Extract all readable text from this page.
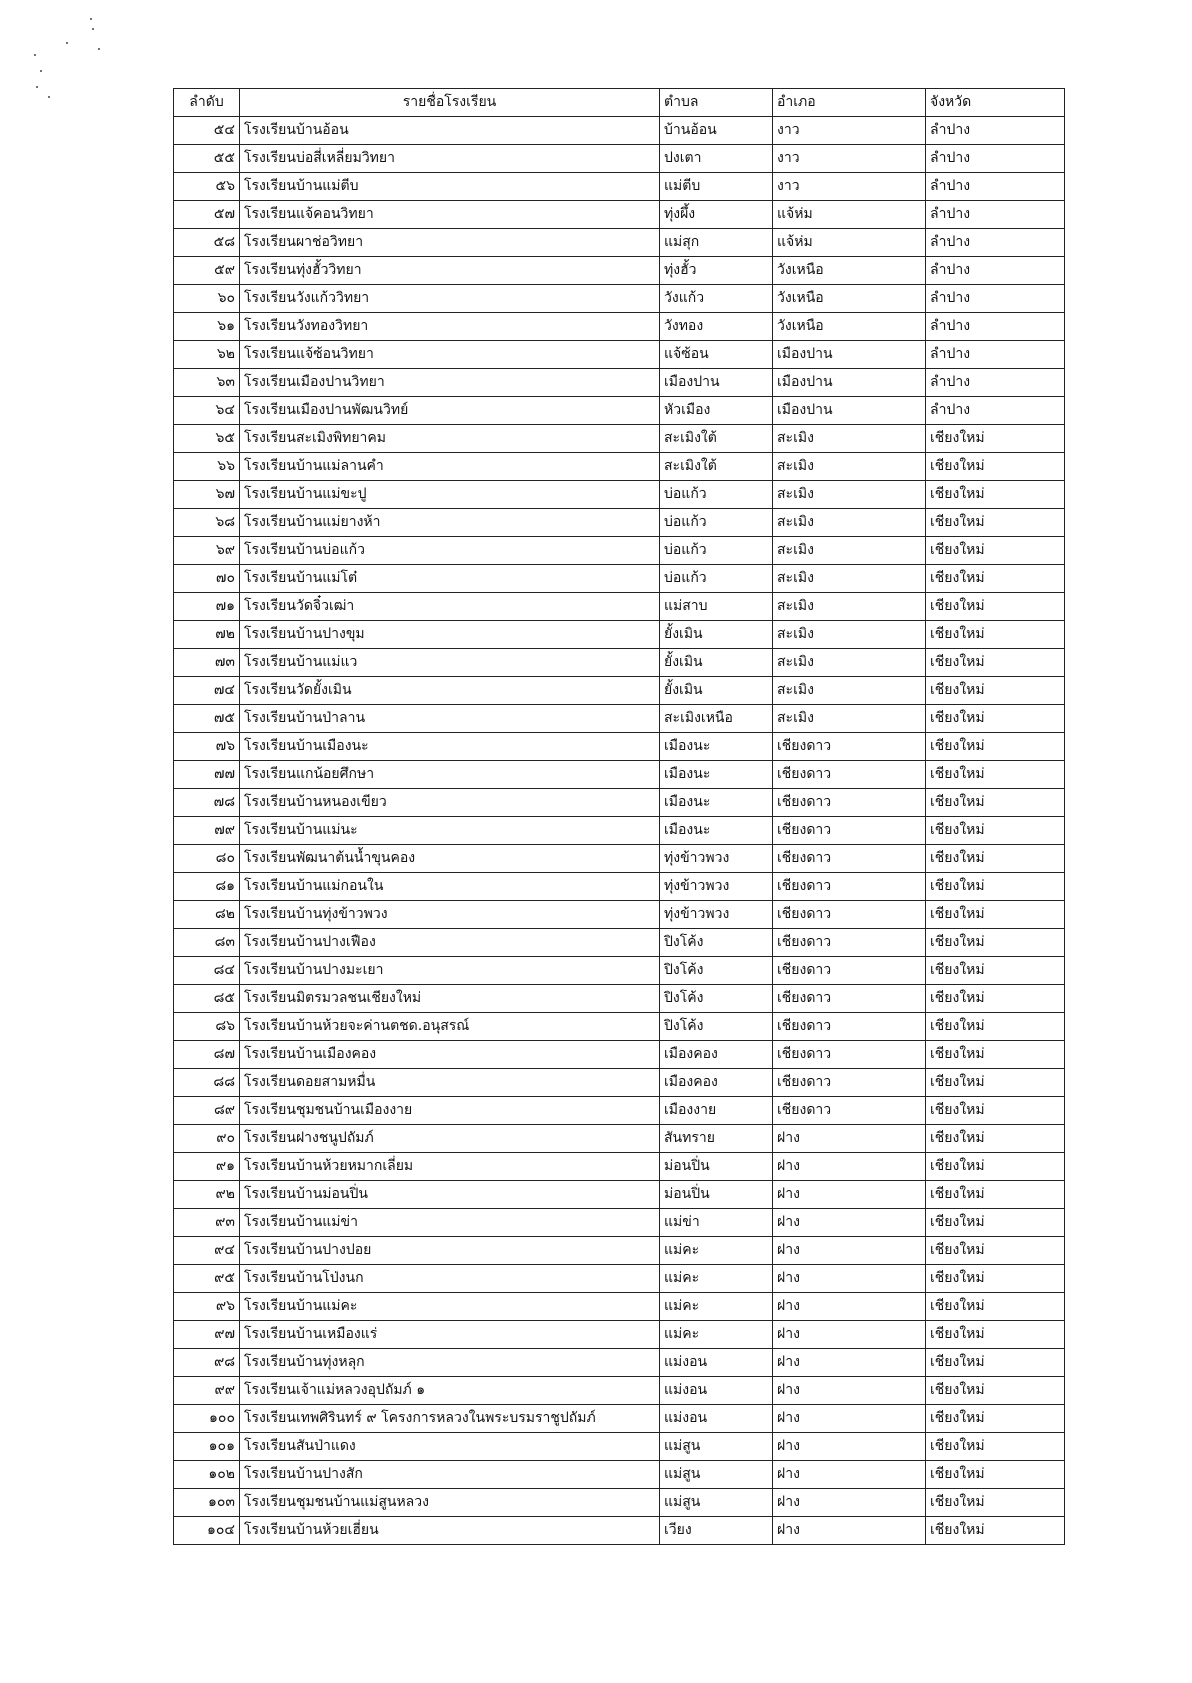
ลำดับ	รายชื่อโรงเรียน	ตำบล	อำเภอ	จังหวัด
๕๔	โรงเรียนบ้านอ้อน	บ้านอ้อน	งาว	ลำปาง
๕๕	โรงเรียนบ่อสี่เหลี่ยมวิทยา	ปงเตา	งาว	ลำปาง
๕๖	โรงเรียนบ้านแม่ตีบ	แม่ตีบ	งาว	ลำปาง
๕๗	โรงเรียนแจ้คอนวิทยา	ทุ่งผึ้ง	แจ้ห่ม	ลำปาง
๕๘	โรงเรียนผาช่อวิทยา	แม่สุก	แจ้ห่ม	ลำปาง
๕๙	โรงเรียนทุ่งฮั้ววิทยา	ทุ่งฮั้ว	วังเหนือ	ลำปาง
๖๐	โรงเรียนวังแก้ววิทยา	วังแก้ว	วังเหนือ	ลำปาง
๖๑	โรงเรียนวังทองวิทยา	วังทอง	วังเหนือ	ลำปาง
๖๒	โรงเรียนแจ้ซ้อนวิทยา	แจ้ซ้อน	เมืองปาน	ลำปาง
๖๓	โรงเรียนเมืองปานวิทยา	เมืองปาน	เมืองปาน	ลำปาง
๖๔	โรงเรียนเมืองปานพัฒนวิทย์	หัวเมือง	เมืองปาน	ลำปาง
๖๕	โรงเรียนสะเมิงพิทยาคม	สะเมิงใต้	สะเมิง	เชียงใหม่
๖๖	โรงเรียนบ้านแม่ลานคำ	สะเมิงใต้	สะเมิง	เชียงใหม่
๖๗	โรงเรียนบ้านแม่ขะปู	บ่อแก้ว	สะเมิง	เชียงใหม่
๖๘	โรงเรียนบ้านแม่ยางห้า	บ่อแก้ว	สะเมิง	เชียงใหม่
๖๙	โรงเรียนบ้านบ่อแก้ว	บ่อแก้ว	สะเมิง	เชียงใหม่
๗๐	โรงเรียนบ้านแม่โต๋	บ่อแก้ว	สะเมิง	เชียงใหม่
๗๑	โรงเรียนวัดจิ๋วเฒ่า	แม่สาบ	สะเมิง	เชียงใหม่
๗๒	โรงเรียนบ้านปางขุม	ยั้งเมิน	สะเมิง	เชียงใหม่
๗๓	โรงเรียนบ้านแม่แว	ยั้งเมิน	สะเมิง	เชียงใหม่
๗๔	โรงเรียนวัดยั้งเมิน	ยั้งเมิน	สะเมิง	เชียงใหม่
๗๕	โรงเรียนบ้านป่าลาน	สะเมิงเหนือ	สะเมิง	เชียงใหม่
๗๖	โรงเรียนบ้านเมืองนะ	เมืองนะ	เชียงดาว	เชียงใหม่
๗๗	โรงเรียนแกน้อยศึกษา	เมืองนะ	เชียงดาว	เชียงใหม่
๗๘	โรงเรียนบ้านหนองเขียว	เมืองนะ	เชียงดาว	เชียงใหม่
๗๙	โรงเรียนบ้านแม่นะ	เมืองนะ	เชียงดาว	เชียงใหม่
๘๐	โรงเรียนพัฒนาต้นน้ำขุนคอง	ทุ่งข้าวพวง	เชียงดาว	เชียงใหม่
๘๑	โรงเรียนบ้านแม่กอนใน	ทุ่งข้าวพวง	เชียงดาว	เชียงใหม่
๘๒	โรงเรียนบ้านทุ่งข้าวพวง	ทุ่งข้าวพวง	เชียงดาว	เชียงใหม่
๘๓	โรงเรียนบ้านปางเฟือง	ปิงโค้ง	เชียงดาว	เชียงใหม่
๘๔	โรงเรียนบ้านปางมะเยา	ปิงโค้ง	เชียงดาว	เชียงใหม่
๘๕	โรงเรียนมิตรมวลชนเชียงใหม่	ปิงโค้ง	เชียงดาว	เชียงใหม่
๘๖	โรงเรียนบ้านห้วยจะค่านตชด.อนุสรณ์	ปิงโค้ง	เชียงดาว	เชียงใหม่
๘๗	โรงเรียนบ้านเมืองคอง	เมืองคอง	เชียงดาว	เชียงใหม่
๘๘	โรงเรียนดอยสามหมื่น	เมืองคอง	เชียงดาว	เชียงใหม่
๘๙	โรงเรียนชุมชนบ้านเมืองงาย	เมืองงาย	เชียงดาว	เชียงใหม่
๙๐	โรงเรียนฝางชนูปถัมภ์	สันทราย	ฝาง	เชียงใหม่
๙๑	โรงเรียนบ้านห้วยหมากเลี่ยม	ม่อนปิ่น	ฝาง	เชียงใหม่
๙๒	โรงเรียนบ้านม่อนปิ่น	ม่อนปิ่น	ฝาง	เชียงใหม่
๙๓	โรงเรียนบ้านแม่ข่า	แม่ข่า	ฝาง	เชียงใหม่
๙๔	โรงเรียนบ้านปางปอย	แม่คะ	ฝาง	เชียงใหม่
๙๕	โรงเรียนบ้านโป่งนก	แม่คะ	ฝาง	เชียงใหม่
๙๖	โรงเรียนบ้านแม่คะ	แม่คะ	ฝาง	เชียงใหม่
๙๗	โรงเรียนบ้านเหมืองแร่	แม่คะ	ฝาง	เชียงใหม่
๙๘	โรงเรียนบ้านทุ่งหลุก	แม่งอน	ฝาง	เชียงใหม่
๙๙	โรงเรียนเจ้าแม่หลวงอุปถัมภ์ ๑	แม่งอน	ฝาง	เชียงใหม่
๑๐๐	โรงเรียนเทพศิรินทร์ ๙ โครงการหลวงในพระบรมราชูปถัมภ์	แม่งอน	ฝาง	เชียงใหม่
๑๐๑	โรงเรียนสันป่าแดง	แม่สูน	ฝาง	เชียงใหม่
๑๐๒	โรงเรียนบ้านปางสัก	แม่สูน	ฝาง	เชียงใหม่
๑๐๓	โรงเรียนชุมชนบ้านแม่สูนหลวง	แม่สูน	ฝาง	เชียงใหม่
๑๐๔	โรงเรียนบ้านห้วยเฮี่ยน	เวียง	ฝาง	เชียงใหม่
